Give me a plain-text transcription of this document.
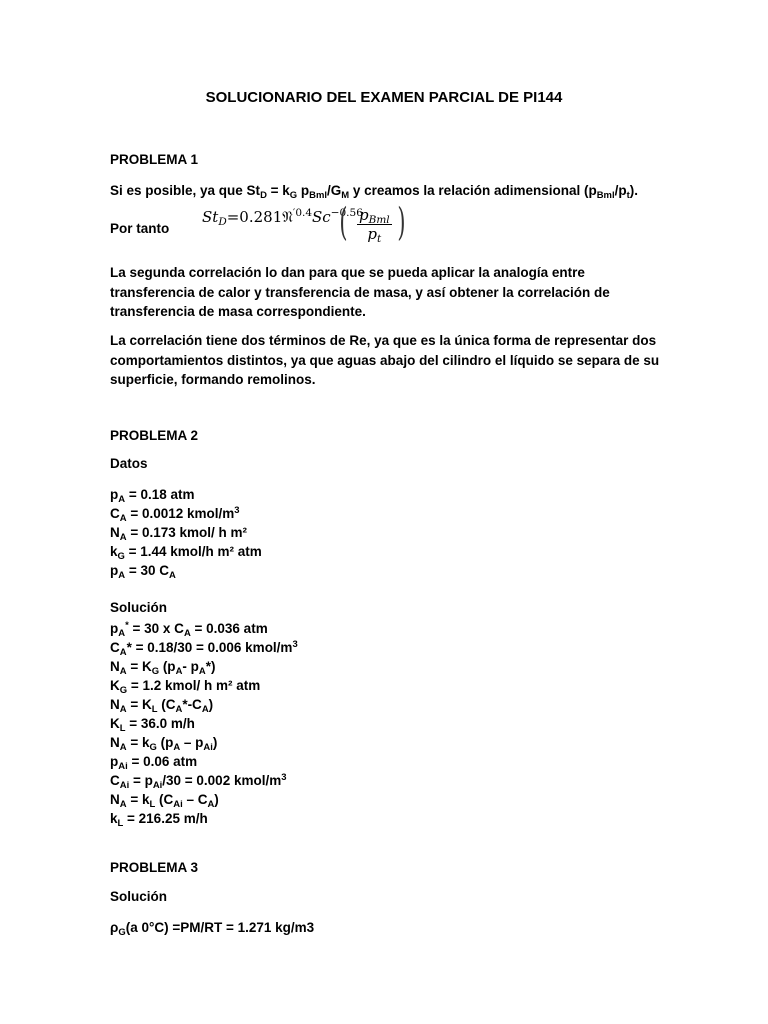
SOLUCIONARIO DEL EXAMEN PARCIAL DE PI144
PROBLEMA 1
Si es posible, ya que $St_D = k_G$ $p_{Bml}/G_M$ y creamos la relación adimensional $(p_{Bml}/p_t)$.
Por tanto
$St_D=0.281𝔑^{'0.4}Sc^{-0.56}$
( $p_{Bml}$
$p_t$ )
La segunda correlación lo dan para que se pueda aplicar la analogía entre transferencia de calor y transferencia de masa, y así obtener la correlación de transferencia de masa correspondiente.
La correlación tiene dos términos de Re, ya que es la única forma de representar dos comportamientos distintos, ya que aguas abajo del cilindro el líquido se separa de su superficie, formando remolinos.
PROBLEMA 2
Datos
$p_A = 0.18$ atm
$C_A = 0.0012$ kmol/$m^3$
$N_A = 0.173$ kmol/ h m²
$k_G = 1.44$ kmol/h m² atm
$p_A = 30$ $C_A$
Solución
$p_A^* = 30$ x $C_A = 0.036$ atm
$C_A* = 0.18/30 = 0.006$ kmol/$m^3$
$N_A = K_G$ ($p_A-$ $p_A*$)
$K_G = 1.2$ kmol/ h m² atm
$N_A = K_L$ $(C_A*-C_A)$
$K_L = 36.0$ m/h
$N_A = k_G$ $(p_A - p_{Ai})$
$p_{Ai} = 0.06$ atm
$C_{Ai} = p_{Ai}/30 = 0.002$ kmol/$m^3$
$N_A = k_L$ $(C_{Ai} - C_A)$
$k_L = 216.25$ m/h
PROBLEMA 3
Solución
$\rho_G(a$ 0°C) =PM/RT = 1.271 kg/m3
